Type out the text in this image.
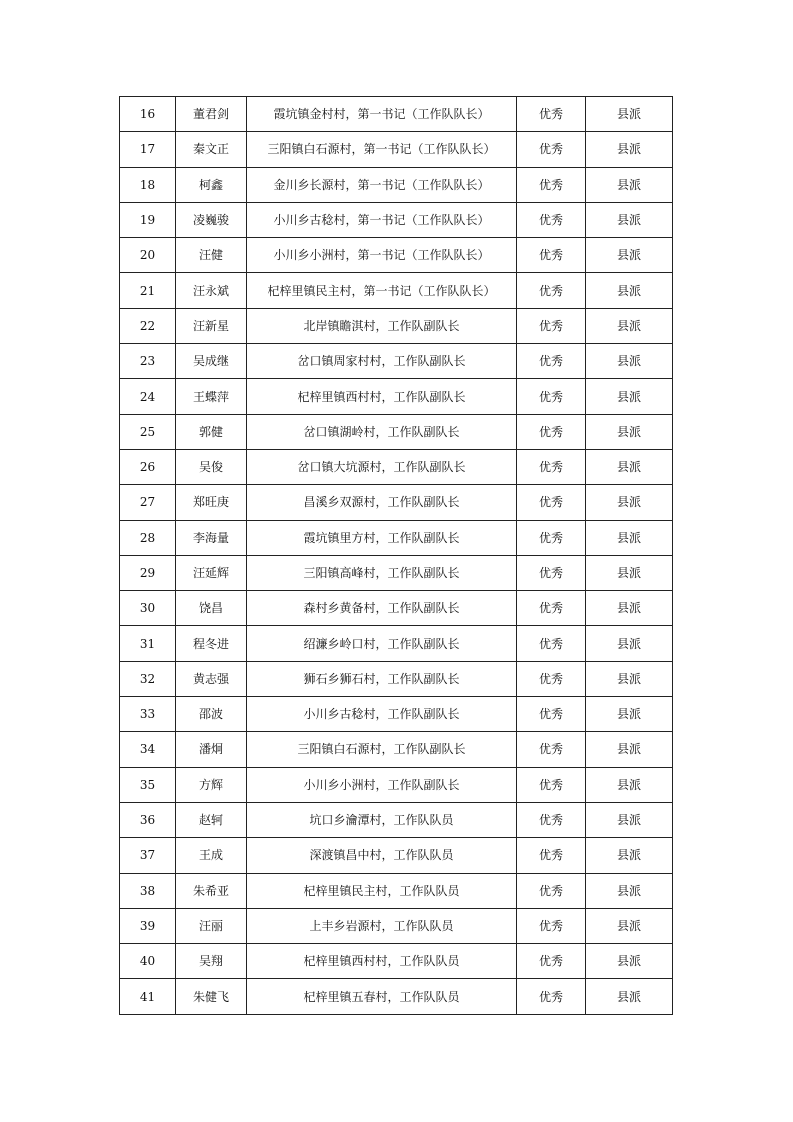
16	董君剑	霞坑镇金村村，第一书记（工作队队长）	优秀	县派
17	秦文正	三阳镇白石源村，第一书记（工作队队长）	优秀	县派
18	柯鑫	金川乡长源村，第一书记（工作队队长）	优秀	县派
19	凌巍骏	小川乡古稔村，第一书记（工作队队长）	优秀	县派
20	汪健	小川乡小洲村，第一书记（工作队队长）	优秀	县派
21	汪永斌	杞梓里镇民主村，第一书记（工作队队长）	优秀	县派
22	汪新星	北岸镇瞻淇村，工作队副队长	优秀	县派
23	吴成继	岔口镇周家村村，工作队副队长	优秀	县派
24	王蝶萍	杞梓里镇西村村，工作队副队长	优秀	县派
25	郭健	岔口镇湖岭村，工作队副队长	优秀	县派
26	吴俊	岔口镇大坑源村，工作队副队长	优秀	县派
27	郑旺庚	昌溪乡双源村，工作队副队长	优秀	县派
28	李海量	霞坑镇里方村，工作队副队长	优秀	县派
29	汪延辉	三阳镇高峰村，工作队副队长	优秀	县派
30	饶昌	森村乡黄备村，工作队副队长	优秀	县派
31	程冬进	绍濂乡岭口村，工作队副队长	优秀	县派
32	黄志强	狮石乡狮石村，工作队副队长	优秀	县派
33	邵波	小川乡古稔村，工作队副队长	优秀	县派
34	潘炯	三阳镇白石源村，工作队副队长	优秀	县派
35	方辉	小川乡小洲村，工作队副队长	优秀	县派
36	赵轲	坑口乡瀹潭村，工作队队员	优秀	县派
37	王成	深渡镇昌中村，工作队队员	优秀	县派
38	朱希亚	杞梓里镇民主村，工作队队员	优秀	县派
39	汪丽	上丰乡岩源村，工作队队员	优秀	县派
40	吴翔	杞梓里镇西村村，工作队队员	优秀	县派
41	朱健飞	杞梓里镇五春村，工作队队员	优秀	县派
